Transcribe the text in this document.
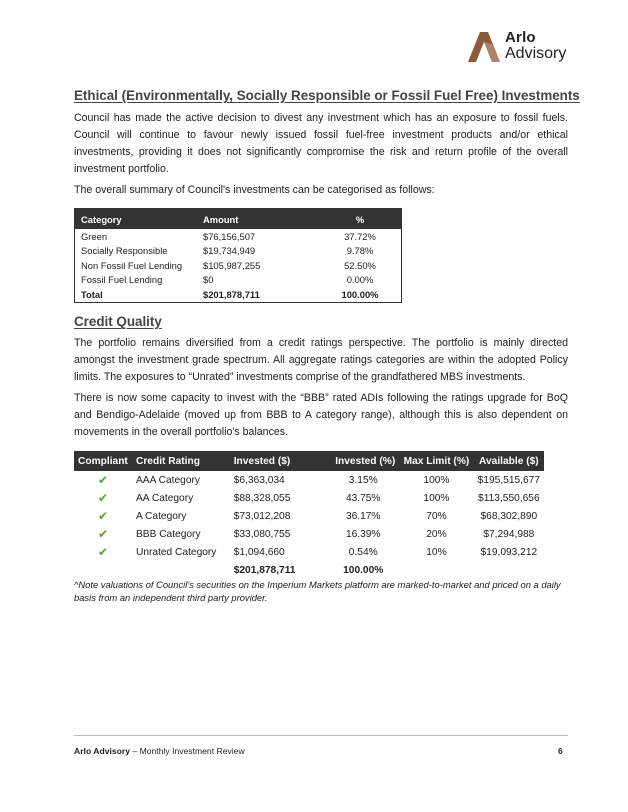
Arlo
Advisory
Ethical (Environmentally, Socially Responsible or Fossil Fuel Free) Investments
Council has made the active decision to divest any investment which has an exposure to fossil fuels. Council will continue to favour newly issued fossil fuel-free investment products and/or ethical investments, providing it does not significantly compromise the risk and return profile of the overall investment portfolio.
The overall summary of Council's investments can be categorised as follows:
Category	Amount	%
Green	$76,156,507	37.72%
Socially Responsible	$19,734,949	9.78%
Non Fossil Fuel Lending	$105,987,255	52.50%
Fossil Fuel Lending	$0	0.00%
Total	$201,878,711	100.00%
Credit Quality
The portfolio remains diversified from a credit ratings perspective. The portfolio is mainly directed amongst the investment grade spectrum. All aggregate ratings categories are within the adopted Policy limits. The exposures to “Unrated” investments comprise of the grandfathered MBS investments.
There is now some capacity to invest with the “BBB” rated ADIs following the ratings upgrade for BoQ and Bendigo-Adelaide (moved up from BBB to A category range), although this is also dependent on movements in the overall portfolio's balances.
Compliant	Credit Rating	Invested ($)	Invested (%)	Max Limit (%)	Available ($)
✔	AAA Category	$6,363,034	3.15%	100%	$195,515,677
✔	AA Category	$88,328,055	43.75%	100%	$113,550,656
✔	A Category	$73,012,208	36.17%	70%	$68,302,890
✔	BBB Category	$33,080,755	16.39%	20%	$7,294,988
✔	Unrated Category	$1,094,660	0.54%	10%	$19,093,212
		$201,878,711	100.00%		
^Note valuations of Council's securities on the Imperium Markets platform are marked-to-market and priced on a daily basis from an independent third party provider.
Arlo Advisory – Monthly Investment Review	6
